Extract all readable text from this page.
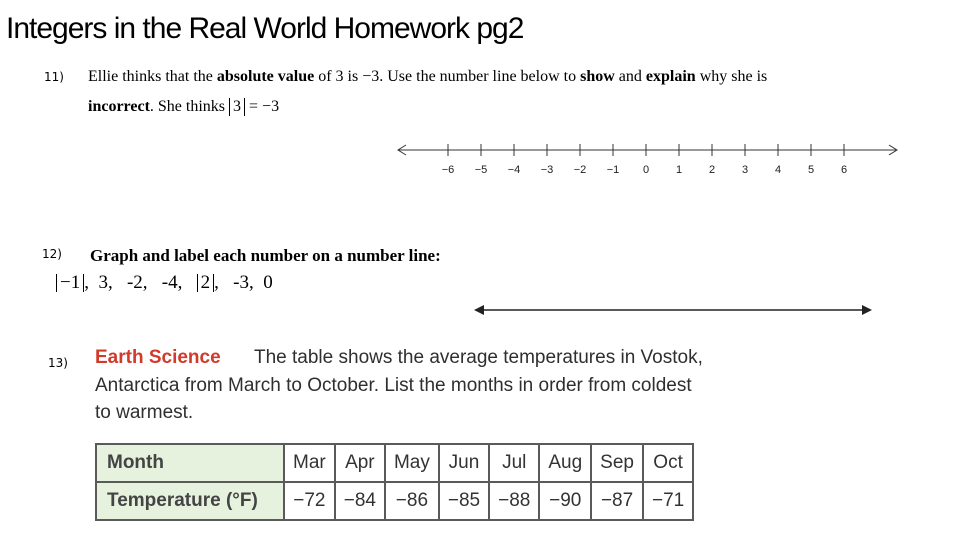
Integers in the Real World Homework pg2
11) Ellie thinks that the absolute value of 3 is −3. Use the number line below to show and explain why she is
incorrect. She thinks 3 = −3
−6 −5 −4 −3 −2 −1 0 1 2 3 4 5 6
12) Graph and label each number on a number line:
−1 ,  3,   -2,   -4,   2 ,   -3,  0
13) Earth Science The table shows the average temperatures in Vostok,
Antarctica from March to October. List the months in order from coldest
to warmest.
Month	Mar	Apr	May	Jun	Jul	Aug	Sep	Oct
Temperature (°F)	−72	−84	−86	−85	−88	−90	−87	−71
